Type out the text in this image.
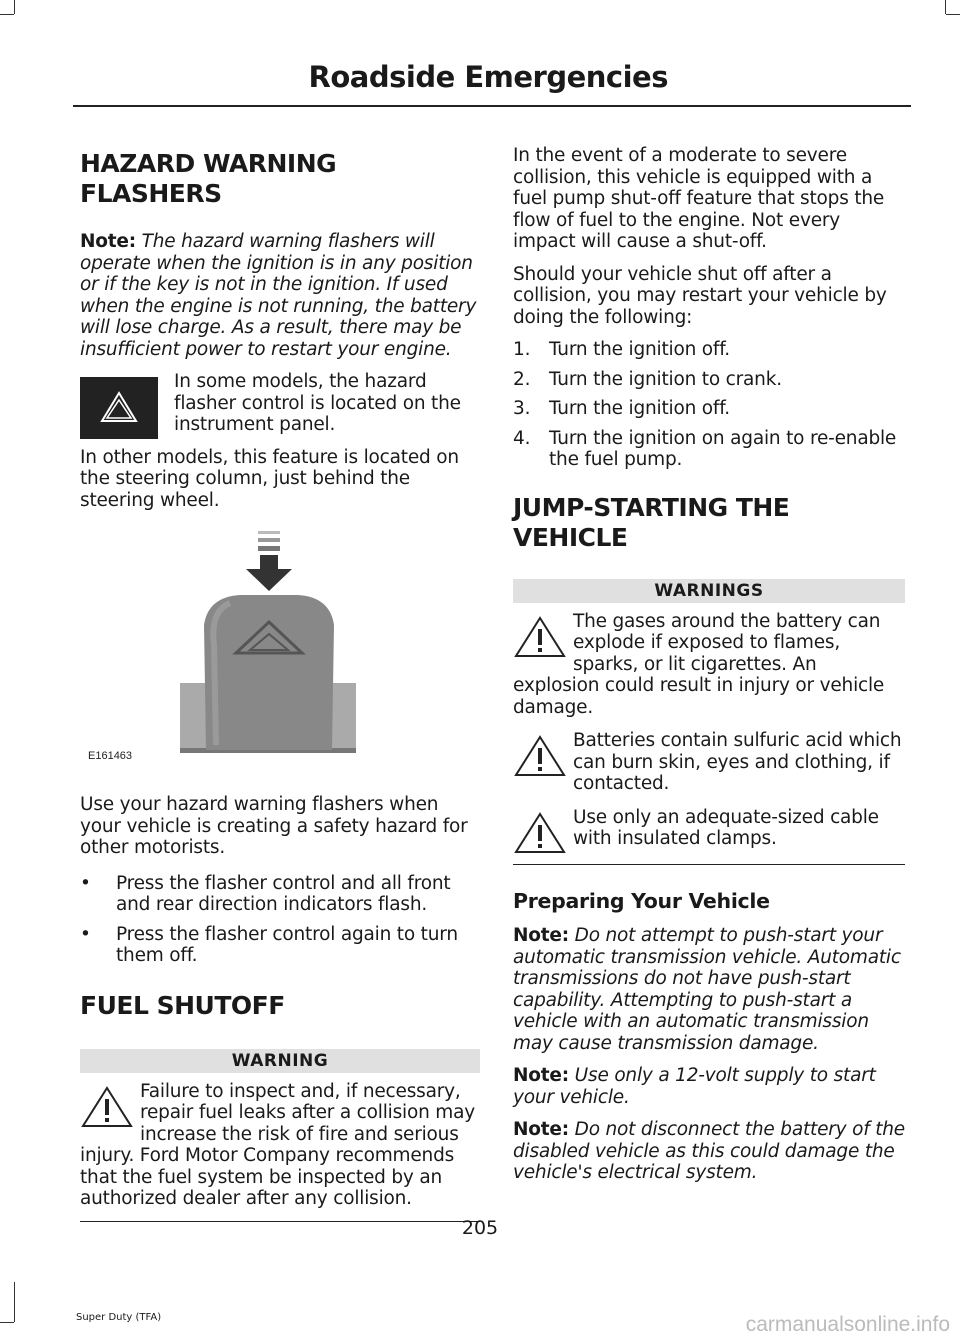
Roadside Emergencies
HAZARD WARNING FLASHERS

Note: The hazard warning flashers will operate when the ignition is in any position or if the key is not in the ignition. If used when the engine is not running, the battery will lose charge. As a result, there may be insufficient power to restart your engine.

In some models, the hazard flasher control is located on the instrument panel.

In other models, this feature is located on the steering column, just behind the steering wheel.

E161463

Use your hazard warning flashers when your vehicle is creating a safety hazard for other motorists.

• Press the flasher control and all front and rear direction indicators flash.
• Press the flasher control again to turn them off.
FUEL SHUTOFF
WARNING

Failure to inspect and, if necessary, repair fuel leaks after a collision may increase the risk of fire and serious injury. Ford Motor Company recommends that the fuel system be inspected by an authorized dealer after any collision.

In the event of a moderate to severe collision, this vehicle is equipped with a fuel pump shut-off feature that stops the flow of fuel to the engine. Not every impact will cause a shut-off.

Should your vehicle shut off after a collision, you may restart your vehicle by doing the following:

1. Turn the ignition off.
2. Turn the ignition to crank.
3. Turn the ignition off.
4. Turn the ignition on again to re-enable the fuel pump.
JUMP-STARTING THE VEHICLE
WARNINGS

The gases around the battery can explode if exposed to flames, sparks, or lit cigarettes. An explosion could result in injury or vehicle damage.

Batteries contain sulfuric acid which can burn skin, eyes and clothing, if contacted.

Use only an adequate-sized cable with insulated clamps.

Preparing Your Vehicle

Note: Do not attempt to push-start your automatic transmission vehicle. Automatic transmissions do not have push-start capability. Attempting to push-start a vehicle with an automatic transmission may cause transmission damage.

Note: Use only a 12-volt supply to start your vehicle.

Note: Do not disconnect the battery of the disabled vehicle as this could damage the vehicle's electrical system.

205
Super Duty (TFA)	carmanualsonline.info
